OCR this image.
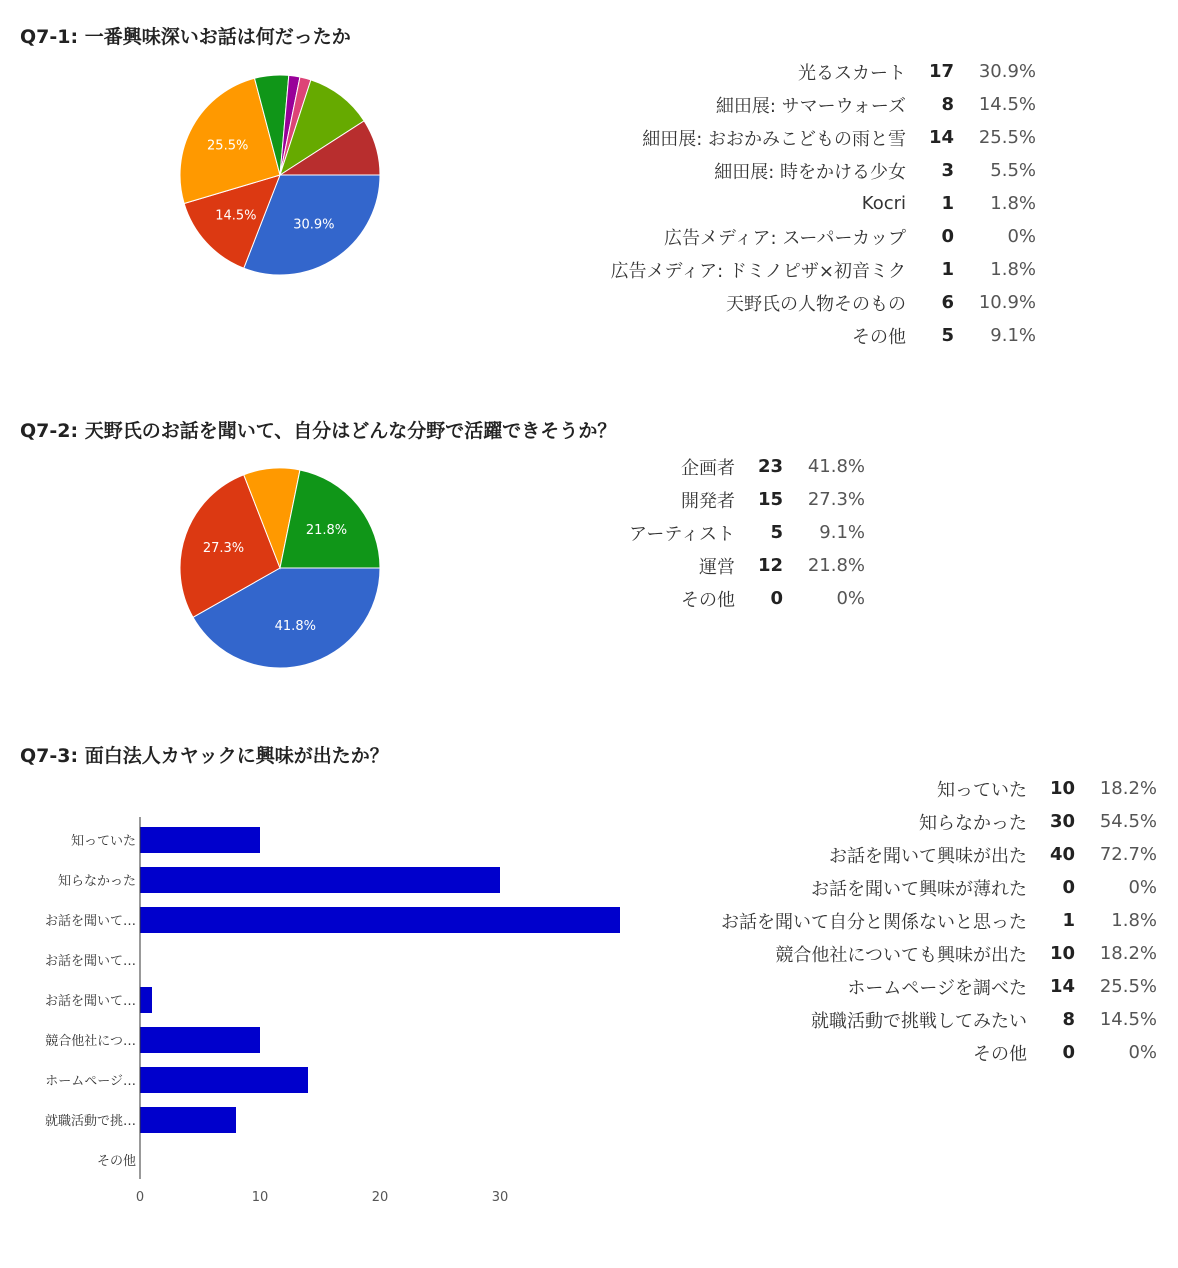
Q7-1: 一番興味深いお話は何だったか
30.9%
14.5%
25.5%
光るスカート	17	30.9%
細田展: サマーウォーズ	8	14.5%
細田展: おおかみこどもの雨と雪	14	25.5%
細田展: 時をかける少女	3	5.5%
Kocri	1	1.8%
広告メディア: スーパーカップ	0	0%
広告メディア: ドミノピザ×初音ミク	1	1.8%
天野氏の人物そのもの	6	10.9%
その他	5	9.1%
Q7-2: 天野氏のお話を聞いて、自分はどんな分野で活躍できそうか？
41.8%
27.3%
21.8%
企画者	23	41.8%
開発者	15	27.3%
アーティスト	5	9.1%
運営	12	21.8%
その他	0	0%
Q7-3: 面白法人カヤックに興味が出たか？
知っていた
知らなかった
お話を聞いて…
お話を聞いて…
お話を聞いて…
競合他社につ…
ホームページ…
就職活動で挑…
その他
0	10	20	30
知っていた	10	18.2%
知らなかった	30	54.5%
お話を聞いて興味が出た	40	72.7%
お話を聞いて興味が薄れた	0	0%
お話を聞いて自分と関係ないと思った	1	1.8%
競合他社についても興味が出た	10	18.2%
ホームページを調べた	14	25.5%
就職活動で挑戦してみたい	8	14.5%
その他	0	0%
